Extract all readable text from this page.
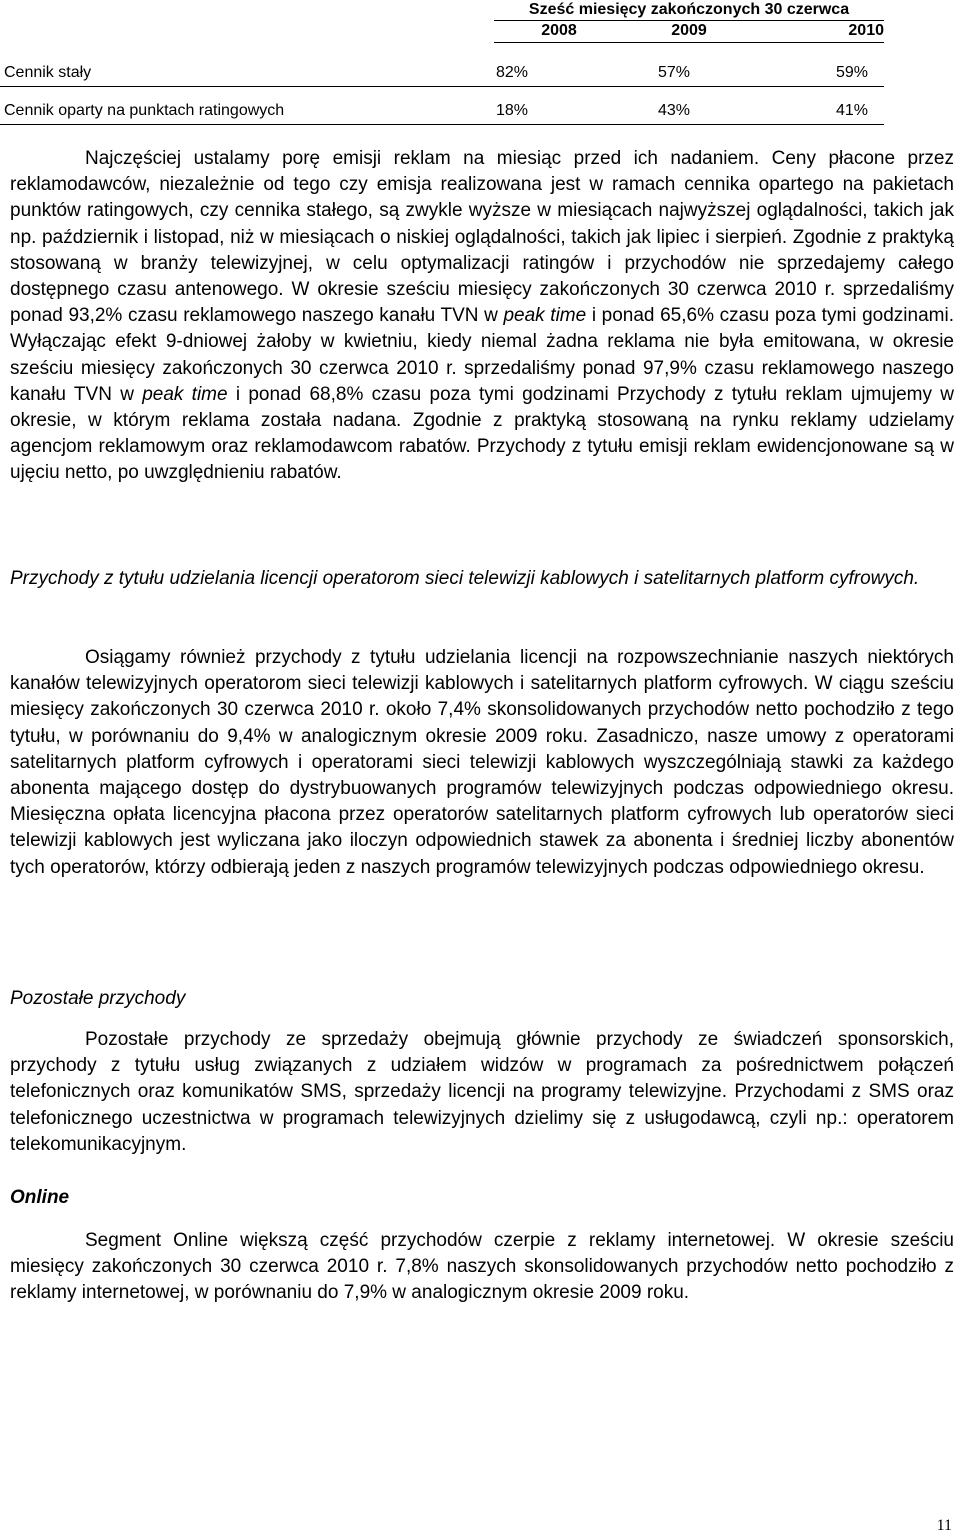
Sześć miesięcy zakończonych 30 czerwca
2008	2009	2010
Cennik stały	82%	57%	59%
Cennik oparty na punktach ratingowych	18%	43%	41%

Najczęściej ustalamy porę emisji reklam na miesiąc przed ich nadaniem. Ceny płacone przez reklamodawców, niezależnie od tego czy emisja realizowana jest w ramach cennika opartego na pakietach punktów ratingowych, czy cennika stałego, są zwykle wyższe w miesiącach najwyższej oglądalności, takich jak np. październik i listopad, niż w miesiącach o niskiej oglądalności, takich jak lipiec i sierpień. Zgodnie z praktyką stosowaną w branży telewizyjnej, w celu optymalizacji ratingów i przychodów nie sprzedajemy całego dostępnego czasu antenowego. W okresie sześciu miesięcy zakończonych 30 czerwca 2010 r. sprzedaliśmy ponad 93,2% czasu reklamowego naszego kanału TVN w peak time i ponad 65,6% czasu poza tymi godzinami. Wyłączając efekt 9-dniowej żałoby w kwietniu, kiedy niemal żadna reklama nie była emitowana, w okresie sześciu miesięcy zakończonych 30 czerwca 2010 r. sprzedaliśmy ponad 97,9% czasu reklamowego naszego kanału TVN w peak time i ponad 68,8% czasu poza tymi godzinami Przychody z tytułu reklam ujmujemy w okresie, w którym reklama została nadana. Zgodnie z praktyką stosowaną na rynku reklamy udzielamy agencjom reklamowym oraz reklamodawcom rabatów. Przychody z tytułu emisji reklam ewidencjonowane są w ujęciu netto, po uwzględnieniu rabatów.

Przychody z tytułu udzielania licencji operatorom sieci telewizji kablowych i satelitarnych platform cyfrowych.

Osiągamy również przychody z tytułu udzielania licencji na rozpowszechnianie naszych niektórych kanałów telewizyjnych operatorom sieci telewizji kablowych i satelitarnych platform cyfrowych. W ciągu sześciu miesięcy zakończonych 30 czerwca 2010 r. około 7,4% skonsolidowanych przychodów netto pochodziło z tego tytułu, w porównaniu do 9,4% w analogicznym okresie 2009 roku. Zasadniczo, nasze umowy z operatorami satelitarnych platform cyfrowych i operatorami sieci telewizji kablowych wyszczególniają stawki za każdego abonenta mającego dostęp do dystrybuowanych programów telewizyjnych podczas odpowiedniego okresu. Miesięczna opłata licencyjna płacona przez operatorów satelitarnych platform cyfrowych lub operatorów sieci telewizji kablowych jest wyliczana jako iloczyn odpowiednich stawek za abonenta i średniej liczby abonentów tych operatorów, którzy odbierają jeden z naszych programów telewizyjnych podczas odpowiedniego okresu.

Pozostałe przychody

Pozostałe przychody ze sprzedaży obejmują głównie przychody ze świadczeń sponsorskich, przychody z tytułu usług związanych z udziałem widzów w programach za pośrednictwem połączeń telefonicznych oraz komunikatów SMS, sprzedaży licencji na programy telewizyjne. Przychodami z SMS oraz telefonicznego uczestnictwa w programach telewizyjnych dzielimy się z usługodawcą, czyli np.: operatorem telekomunikacyjnym.

Online

Segment Online większą część przychodów czerpie z reklamy internetowej. W okresie sześciu miesięcy zakończonych 30 czerwca 2010 r. 7,8% naszych skonsolidowanych przychodów netto pochodziło z reklamy internetowej, w porównaniu do 7,9% w analogicznym okresie 2009 roku.

11
